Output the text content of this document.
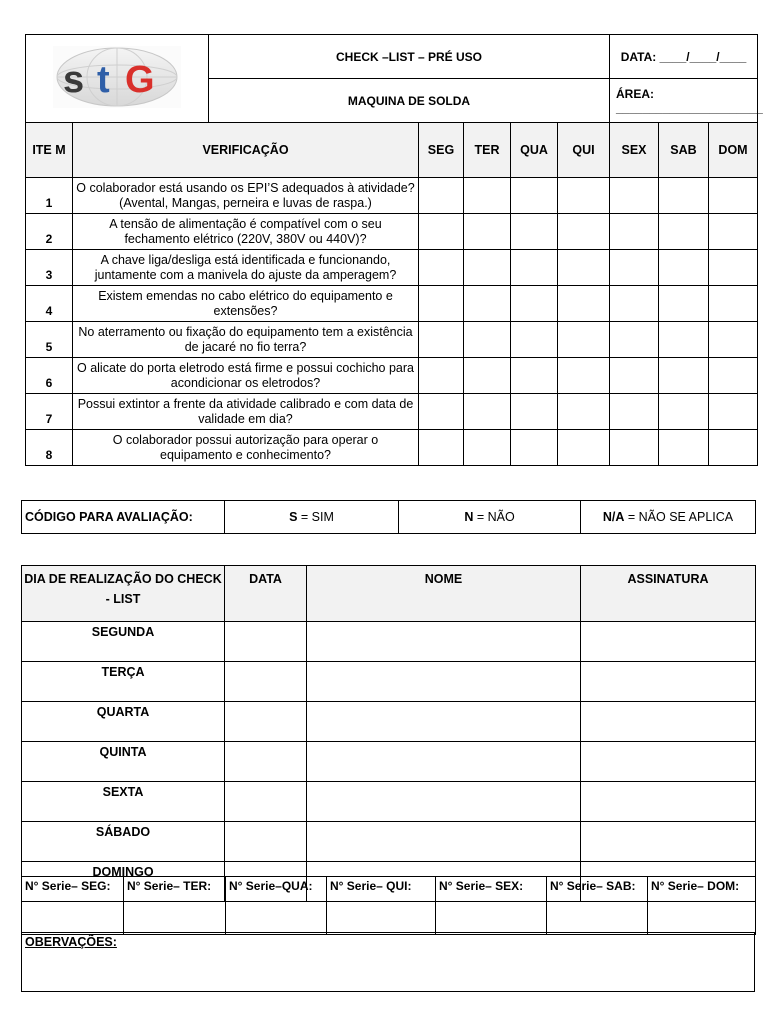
s t G		CHECK –LIST – PRÉ USO					DATA: ____/____/____		
		MAQUINA DE SOLDA					ÁREA: ______________________		
ITE M	VERIFICAÇÃO		SEG	TER	QUA	QUI	SEX	SAB	DOM
1	O colaborador está usando os EPI’S adequados à atividade? (Avental, Mangas, perneira e luvas de raspa.)								
2	A tensão de alimentação é compatível com o seu fechamento elétrico (220V, 380V ou 440V)?								
3	A chave liga/desliga está identificada e funcionando, juntamente com a manivela do ajuste da amperagem?								
4	Existem emendas no cabo elétrico do equipamento e extensões?								
5	No aterramento ou fixação do equipamento tem a existência de jacaré no fio terra?								
6	O alicate do porta eletrodo está firme e possui cochicho para acondicionar os eletrodos?								
7	Possui extintor a frente da atividade calibrado e com data de validade em dia?								
8	O colaborador possui autorização para operar o equipamento e conhecimento?								
CÓDIGO PARA AVALIAÇÃO:	S = SIM	N = NÃO	N/A = NÃO SE APLICA
DIA DE REALIZAÇÃO DO CHECK - LIST	DATA	NOME	ASSINATURA
SEGUNDA			
TERÇA			
QUARTA			
QUINTA			
SEXTA			
SÁBADO			
DOMINGO			
N° Serie– SEG:	N° Serie– TER:	N° Serie–QUA:	N° Serie– QUI:	N° Serie– SEX:	N° Serie– SAB:	N° Serie– DOM:
OBERVAÇÕES:
